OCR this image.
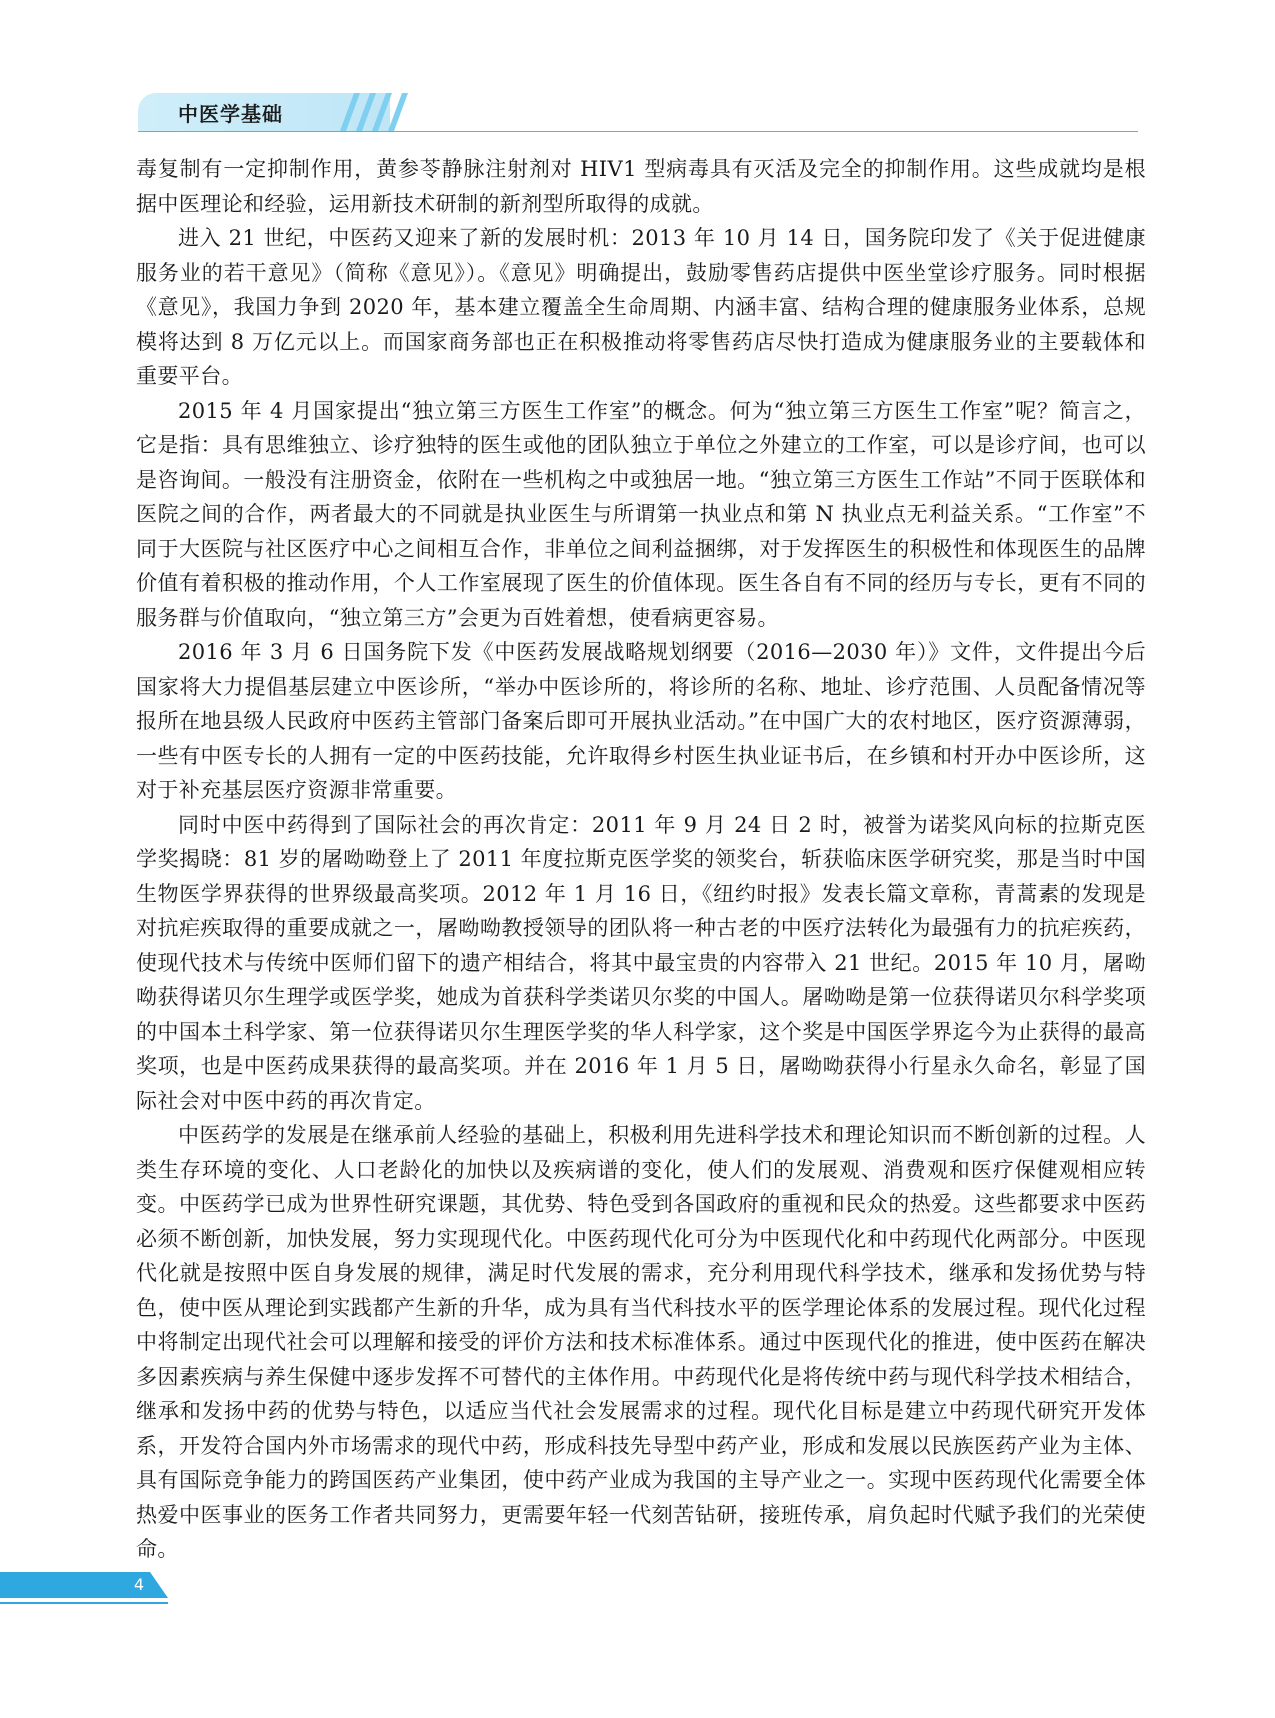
中医学基础

毒复制有一定抑制作用，黄参苓静脉注射剂对 HIV1 型病毒具有灭活及完全的抑制作用。这些成就均是根据中医理论和经验，运用新技术研制的新剂型所取得的成就。

进入 21 世纪，中医药又迎来了新的发展时机：2013 年 10 月 14 日，国务院印发了《关于促进健康服务业的若干意见》（简称《意见》）。《意见》明确提出，鼓励零售药店提供中医坐堂诊疗服务。同时根据《意见》，我国力争到 2020 年，基本建立覆盖全生命周期、内涵丰富、结构合理的健康服务业体系，总规模将达到 8 万亿元以上。而国家商务部也正在积极推动将零售药店尽快打造成为健康服务业的主要载体和重要平台。

2015 年 4 月国家提出“独立第三方医生工作室”的概念。何为“独立第三方医生工作室”呢？简言之，它是指：具有思维独立、诊疗独特的医生或他的团队独立于单位之外建立的工作室，可以是诊疗间，也可以是咨询间。一般没有注册资金，依附在一些机构之中或独居一地。“独立第三方医生工作站”不同于医联体和医院之间的合作，两者最大的不同就是执业医生与所谓第一执业点和第 N 执业点无利益关系。“工作室”不同于大医院与社区医疗中心之间相互合作，非单位之间利益捆绑，对于发挥医生的积极性和体现医生的品牌价值有着积极的推动作用，个人工作室展现了医生的价值体现。医生各自有不同的经历与专长，更有不同的服务群与价值取向，“独立第三方”会更为百姓着想，使看病更容易。

2016 年 3 月 6 日国务院下发《中医药发展战略规划纲要（2016—2030 年）》文件，文件提出今后国家将大力提倡基层建立中医诊所，“举办中医诊所的，将诊所的名称、地址、诊疗范围、人员配备情况等报所在地县级人民政府中医药主管部门备案后即可开展执业活动。”在中国广大的农村地区，医疗资源薄弱，一些有中医专长的人拥有一定的中医药技能，允许取得乡村医生执业证书后，在乡镇和村开办中医诊所，这对于补充基层医疗资源非常重要。

同时中医中药得到了国际社会的再次肯定：2011 年 9 月 24 日 2 时，被誉为诺奖风向标的拉斯克医学奖揭晓：81 岁的屠呦呦登上了 2011 年度拉斯克医学奖的领奖台，斩获临床医学研究奖，那是当时中国生物医学界获得的世界级最高奖项。2012 年 1 月 16 日，《纽约时报》发表长篇文章称，青蒿素的发现是对抗疟疾取得的重要成就之一，屠呦呦教授领导的团队将一种古老的中医疗法转化为最强有力的抗疟疾药，使现代技术与传统中医师们留下的遗产相结合，将其中最宝贵的内容带入 21 世纪。2015 年 10 月，屠呦呦获得诺贝尔生理学或医学奖，她成为首获科学类诺贝尔奖的中国人。屠呦呦是第一位获得诺贝尔科学奖项的中国本土科学家、第一位获得诺贝尔生理医学奖的华人科学家，这个奖是中国医学界迄今为止获得的最高奖项，也是中医药成果获得的最高奖项。并在 2016 年 1 月 5 日，屠呦呦获得小行星永久命名，彰显了国际社会对中医中药的再次肯定。

中医药学的发展是在继承前人经验的基础上，积极利用先进科学技术和理论知识而不断创新的过程。人类生存环境的变化、人口老龄化的加快以及疾病谱的变化，使人们的发展观、消费观和医疗保健观相应转变。中医药学已成为世界性研究课题，其优势、特色受到各国政府的重视和民众的热爱。这些都要求中医药必须不断创新，加快发展，努力实现现代化。中医药现代化可分为中医现代化和中药现代化两部分。中医现代化就是按照中医自身发展的规律，满足时代发展的需求，充分利用现代科学技术，继承和发扬优势与特色，使中医从理论到实践都产生新的升华，成为具有当代科技水平的医学理论体系的发展过程。现代化过程中将制定出现代社会可以理解和接受的评价方法和技术标准体系。通过中医现代化的推进，使中医药在解决多因素疾病与养生保健中逐步发挥不可替代的主体作用。中药现代化是将传统中药与现代科学技术相结合，继承和发扬中药的优势与特色，以适应当代社会发展需求的过程。现代化目标是建立中药现代研究开发体系，开发符合国内外市场需求的现代中药，形成科技先导型中药产业，形成和发展以民族医药产业为主体、具有国际竞争能力的跨国医药产业集团，使中药产业成为我国的主导产业之一。实现中医药现代化需要全体热爱中医事业的医务工作者共同努力，更需要年轻一代刻苦钻研，接班传承，肩负起时代赋予我们的光荣使命。

4
